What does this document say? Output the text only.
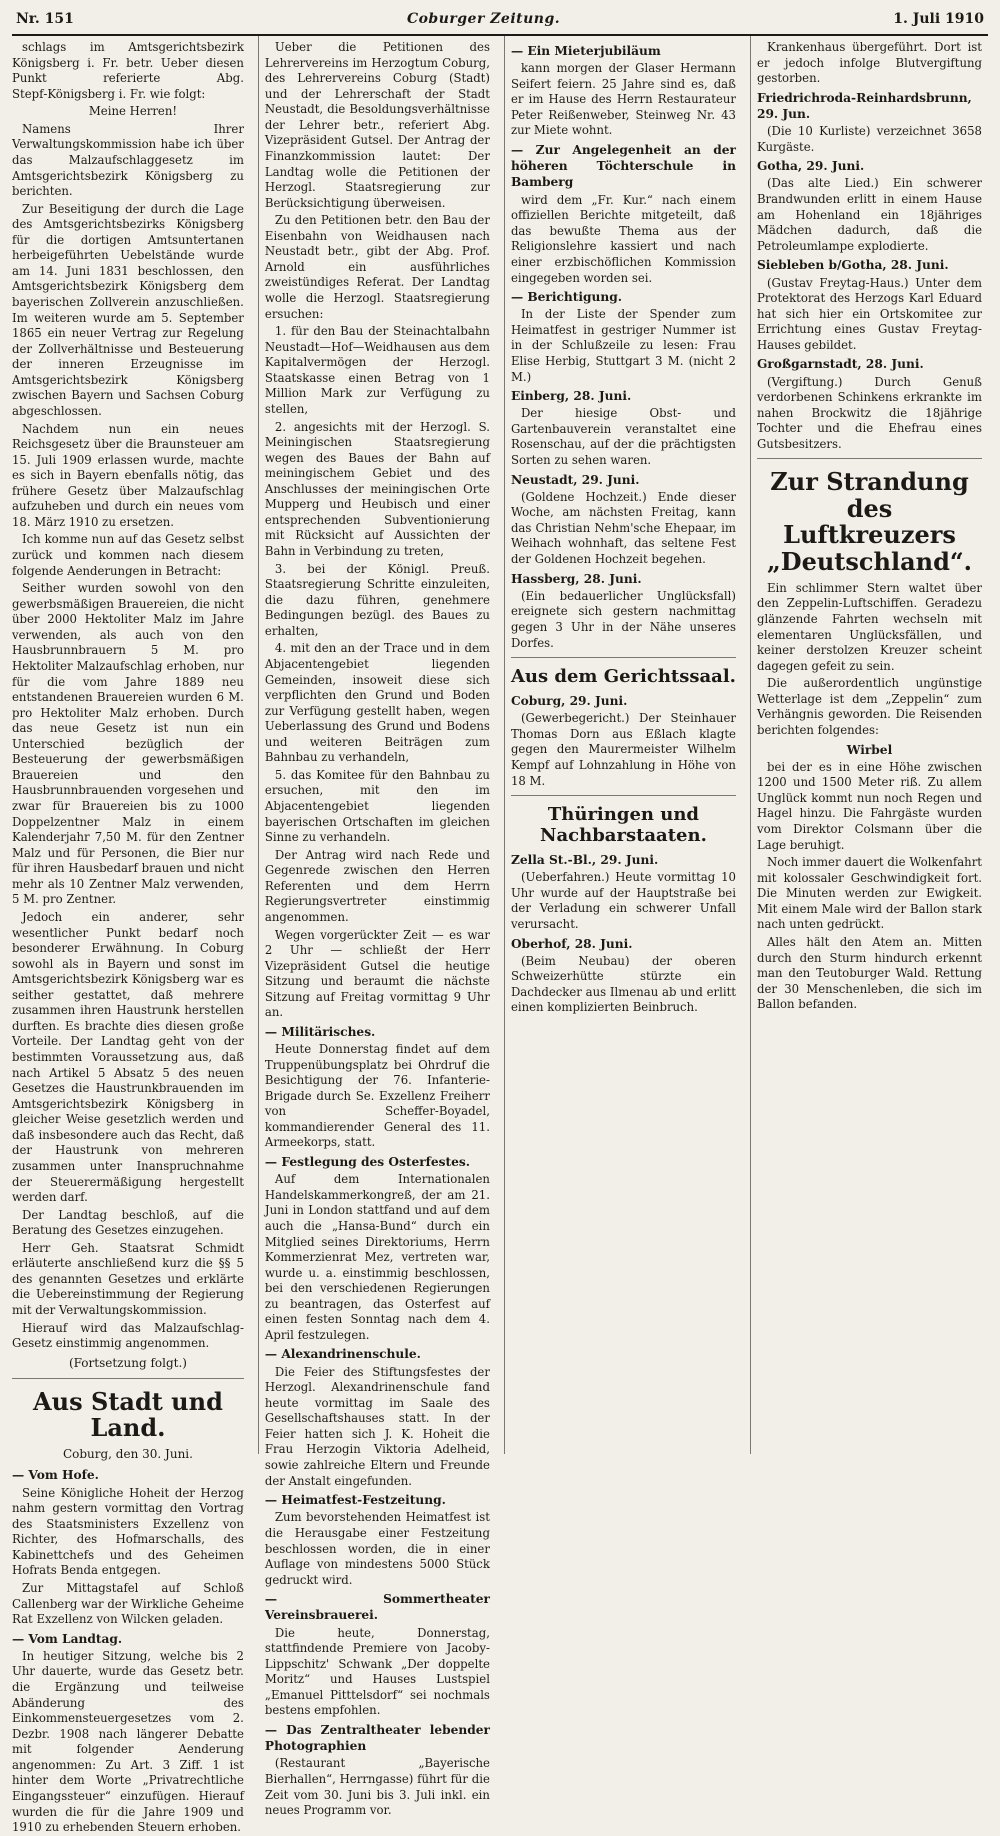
Nr. 151	Coburger Zeitung.	1. Juli 1910

schlags im Amtsgerichtsbezirk Königsberg i. Fr. betr. Ueber diesen Punkt referierte Abg. Stepf‑Königsberg i. Fr. wie folgt:

Meine Herren!

Namens Ihrer Verwaltungskommission habe ich über das Malzaufschlaggesetz im Amtsgerichtsbezirk Königsberg zu berichten.

Zur Beseitigung der durch die Lage des Amtsgerichtsbezirks Königsberg für die dortigen Amtsuntertanen herbeigeführten Uebelstände wurde am 14. Juni 1831 beschlossen, den Amtsgerichtsbezirk Königsberg dem bayerischen Zollverein anzuschließen. Im weiteren wurde am 5. September 1865 ein neuer Vertrag zur Regelung der Zollverhältnisse und Besteuerung der inneren Erzeugnisse im Amtsgerichtsbezirk Königsberg zwischen Bayern und Sachsen Coburg abgeschlossen.

Nachdem nun ein neues Reichsgesetz über die Braunsteuer am 15. Juli 1909 erlassen wurde, machte es sich in Bayern ebenfalls nötig, das frühere Gesetz über Malzaufschlag aufzuheben und durch ein neues vom 18. März 1910 zu ersetzen.

Ich komme nun auf das Gesetz selbst zurück und kommen nach diesem folgende Aenderungen in Betracht:

Seither wurden sowohl von den gewerbsmäßigen Brauereien, die nicht über 2000 Hektoliter Malz im Jahre verwenden, als auch von den Hausbrunnbrauern 5 M. pro Hektoliter Malzaufschlag erhoben, nur für die vom Jahre 1889 neu entstandenen Brauereien wurden 6 M. pro Hektoliter Malz erhoben. Durch das neue Gesetz ist nun ein Unterschied bezüglich der Besteuerung der gewerbsmäßigen Brauereien und den Hausbrunnbrauenden vorgesehen und zwar für Brauereien bis zu 1000 Doppelzentner Malz in einem Kalenderjahr 7,50 M. für den Zentner Malz und für Personen, die Bier nur für ihren Hausbedarf brauen und nicht mehr als 10 Zentner Malz verwenden, 5 M. pro Zentner.

Jedoch ein anderer, sehr wesentlicher Punkt bedarf noch besonderer Erwähnung. In Coburg sowohl als in Bayern und sonst im Amtsgerichtsbezirk Königsberg war es seither gestattet, daß mehrere zusammen ihren Haustrunk herstellen durften. Es brachte dies diesen große Vorteile. Der Landtag geht von der bestimmten Voraussetzung aus, daß nach Artikel 5 Absatz 5 des neuen Gesetzes die Haustrunkbrauenden im Amtsgerichtsbezirk Königsberg in gleicher Weise gesetzlich werden und daß insbesondere auch das Recht, daß der Haustrunk von mehreren zusammen unter Inanspruchnahme der Steuerermäßigung hergestellt werden darf.

Der Landtag beschloß, auf die Beratung des Gesetzes einzugehen.

Herr Geh. Staatsrat Schmidt erläuterte anschließend kurz die §§ 5 des genannten Gesetzes und erklärte die Uebereinstimmung der Regierung mit der Verwaltungskommission.

Hierauf wird das Malzaufschlag-Gesetz einstimmig angenommen.

(Fortsetzung folgt.)
Aus Stadt und Land.
Coburg, den 30. Juni.
— Vom Hofe.

Seine Königliche Hoheit der Herzog nahm gestern vormittag den Vortrag des Staatsministers Exzellenz von Richter, des Hofmarschalls, des Kabinettchefs und des Geheimen Hofrats Benda entgegen.

Zur Mittagstafel auf Schloß Callenberg war der Wirkliche Geheime Rat Exzellenz von Wilcken geladen.

— Vom Landtag.

In heutiger Sitzung, welche bis 2 Uhr dauerte, wurde das Gesetz betr. die Ergänzung und teilweise Abänderung des Einkommensteuergesetzes vom 2. Dezbr. 1908 nach längerer Debatte mit folgender Aenderung angenommen: Zu Art. 3 Ziff. 1 ist hinter dem Worte „Privatrechtliche Eingangssteuer“ einzufügen. Hierauf wurden die für die Jahre 1909 und 1910 zu erhebenden Steuern erhoben.

Ueber die Petitionen des Lehrervereins im Herzogtum Coburg, des Lehrervereins Coburg (Stadt) und der Lehrerschaft der Stadt Neustadt, die Besoldungsverhältnisse der Lehrer betr., referiert Abg. Vizepräsident Gutsel. Der Antrag der Finanzkommission lautet: Der Landtag wolle die Petitionen der Herzogl. Staatsregierung zur Berücksichtigung überweisen.

Zu den Petitionen betr. den Bau der Eisenbahn von Weidhausen nach Neustadt betr., gibt der Abg. Prof. Arnold ein ausführliches zweistündiges Referat. Der Landtag wolle die Herzogl. Staatsregierung ersuchen:

1. für den Bau der Steinachtalbahn Neustadt—Hof—Weidhausen aus dem Kapitalvermögen der Herzogl. Staatskasse einen Betrag von 1 Million Mark zur Verfügung zu stellen,

2. angesichts mit der Herzogl. S. Meiningischen Staatsregierung wegen des Baues der Bahn auf meiningischem Gebiet und des Anschlusses der meiningischen Orte Mupperg und Heubisch und einer entsprechenden Subventionierung mit Rücksicht auf Aussichten der Bahn in Verbindung zu treten,

3. bei der Königl. Preuß. Staatsregierung Schritte einzuleiten, die dazu führen, genehmere Bedingungen bezügl. des Baues zu erhalten,

4. mit den an der Trace und in dem Abjacentengebiet liegenden Gemeinden, insoweit diese sich verpflichten den Grund und Boden zur Verfügung gestellt haben, wegen Ueberlassung des Grund und Bodens und weiteren Beiträgen zum Bahnbau zu verhandeln,

5. das Komitee für den Bahnbau zu ersuchen, mit den im Abjacentengebiet liegenden bayerischen Ortschaften im gleichen Sinne zu verhandeln.

Der Antrag wird nach Rede und Gegenrede zwischen den Herren Referenten und dem Herrn Regierungsvertreter einstimmig angenommen.

Wegen vorgerückter Zeit — es war 2 Uhr — schließt der Herr Vizepräsident Gutsel die heutige Sitzung und beraumt die nächste Sitzung auf Freitag vormittag 9 Uhr an.

— Militärisches.

Heute Donnerstag findet auf dem Truppenübungsplatz bei Ohrdruf die Besichtigung der 76. Infanterie-Brigade durch Se. Exzellenz Freiherr von Scheffer-Boyadel, kommandierender General des 11. Armeekorps, statt.

— Festlegung des Osterfestes.

Auf dem Internationalen Handelskammerkongreß, der am 21. Juni in London stattfand und auf dem auch die „Hansa-Bund“ durch ein Mitglied seines Direktoriums, Herrn Kommerzienrat Mez, vertreten war, wurde u. a. einstimmig beschlossen, bei den verschiedenen Regierungen zu beantragen, das Osterfest auf einen festen Sonntag nach dem 4. April festzulegen.

— Alexandrinenschule.

Die Feier des Stiftungsfestes der Herzogl. Alexandrinenschule fand heute vormittag im Saale des Gesellschaftshauses statt. In der Feier hatten sich J. K. Hoheit die Frau Herzogin Viktoria Adelheid, sowie zahlreiche Eltern und Freunde der Anstalt eingefunden.

— Heimatfest-Festzeitung.

Zum bevorstehenden Heimatfest ist die Herausgabe einer Festzeitung beschlossen worden, die in einer Auflage von mindestens 5000 Stück gedruckt wird.

— Sommertheater Vereinsbrauerei.

Die heute, Donnerstag, stattfindende Premiere von Jacoby-Lippschitz' Schwank „Der doppelte Moritz“ und Hauses Lustspiel „Emanuel Pitttelsdorf“ sei nochmals bestens empfohlen.

— Das Zentraltheater lebender Photographien

(Restaurant „Bayerische Bierhallen“, Herrngasse) führt für die Zeit vom 30. Juni bis 3. Juli inkl. ein neues Programm vor.

— Ein Mieterjubiläum

kann morgen der Glaser Hermann Seifert feiern. 25 Jahre sind es, daß er im Hause des Herrn Restaurateur Peter Reißenweber, Steinweg Nr. 43 zur Miete wohnt.

— Zur Angelegenheit an der höheren Töchterschule in Bamberg

wird dem „Fr. Kur.“ nach einem offiziellen Berichte mitgeteilt, daß das bewußte Thema aus der Religionslehre kassiert und nach einer erzbischöflichen Kommission eingegeben worden sei.

— Berichtigung.

In der Liste der Spender zum Heimatfest in gestriger Nummer ist in der Schlußzeile zu lesen: Frau Elise Herbig, Stuttgart 3 M. (nicht 2 M.)

Einberg, 28. Juni.

Der hiesige Obst- und Gartenbauverein veranstaltet eine Rosenschau, auf der die prächtigsten Sorten zu sehen waren.

Neustadt, 29. Juni.

(Goldene Hochzeit.) Ende dieser Woche, am nächsten Freitag, kann das Christian Nehm'sche Ehepaar, im Weihach wohnhaft, das seltene Fest der Goldenen Hochzeit begehen.

Hassberg, 28. Juni.

(Ein bedauerlicher Unglücksfall) ereignete sich gestern nachmittag gegen 3 Uhr in der Nähe unseres Dorfes.

Aus dem Gerichtssaal.
Coburg, 29. Juni.

(Gewerbegericht.) Der Steinhauer Thomas Dorn aus Eßlach klagte gegen den Maurermeister Wilhelm Kempf auf Lohnzahlung in Höhe von 18 M.

Thüringen und Nachbarstaaten.
Zella St.-Bl., 29. Juni.

(Ueberfahren.) Heute vormittag 10 Uhr wurde auf der Hauptstraße bei der Verladung ein schwerer Unfall verursacht.

Oberhof, 28. Juni.

(Beim Neubau) der oberen Schweizerhütte stürzte ein Dachdecker aus Ilmenau ab und erlitt einen komplizierten Beinbruch.

Krankenhaus übergeführt. Dort ist er jedoch infolge Blutvergiftung gestorben.

Friedrichroda-Reinhardsbrunn, 29. Jun.

(Die 10 Kurliste) verzeichnet 3658 Kurgäste.

Gotha, 29. Juni.

(Das alte Lied.) Ein schwerer Brandwunden erlitt in einem Hause am Hohenland ein 18jähriges Mädchen dadurch, daß die Petroleumlampe explodierte.

Siebleben b/Gotha, 28. Juni.

(Gustav Freytag-Haus.) Unter dem Protektorat des Herzogs Karl Eduard hat sich hier ein Ortskomitee zur Errichtung eines Gustav Freytag-Hauses gebildet.

Großgarnstadt, 28. Juni.

(Vergiftung.) Durch Genuß verdorbenen Schinkens erkrankte im nahen Brockwitz die 18jährige Tochter und die Ehefrau eines Gutsbesitzers.

Zur Strandung des Luftkreuzers „Deutschland“.

Ein schlimmer Stern waltet über den Zeppelin-Luftschiffen. Geradezu glänzende Fahrten wechseln mit elementaren Unglücksfällen, und keiner derstolzen Kreuzer scheint dagegen gefeit zu sein.

Die außerordentlich ungünstige Wetterlage ist dem „Zeppelin“ zum Verhängnis geworden. Die Reisenden berichten folgendes:

Wirbel

bei der es in eine Höhe zwischen 1200 und 1500 Meter riß. Zu allem Unglück kommt nun noch Regen und Hagel hinzu. Die Fahrgäste wurden vom Direktor Colsmann über die Lage beruhigt.

Noch immer dauert die Wolkenfahrt mit kolossaler Geschwindigkeit fort. Die Minuten werden zur Ewigkeit. Mit einem Male wird der Ballon stark nach unten gedrückt.

Alles hält den Atem an. Mitten durch den Sturm hindurch erkennt man den Teutoburger Wald. Rettung der 30 Menschenleben, die sich im Ballon befanden.
